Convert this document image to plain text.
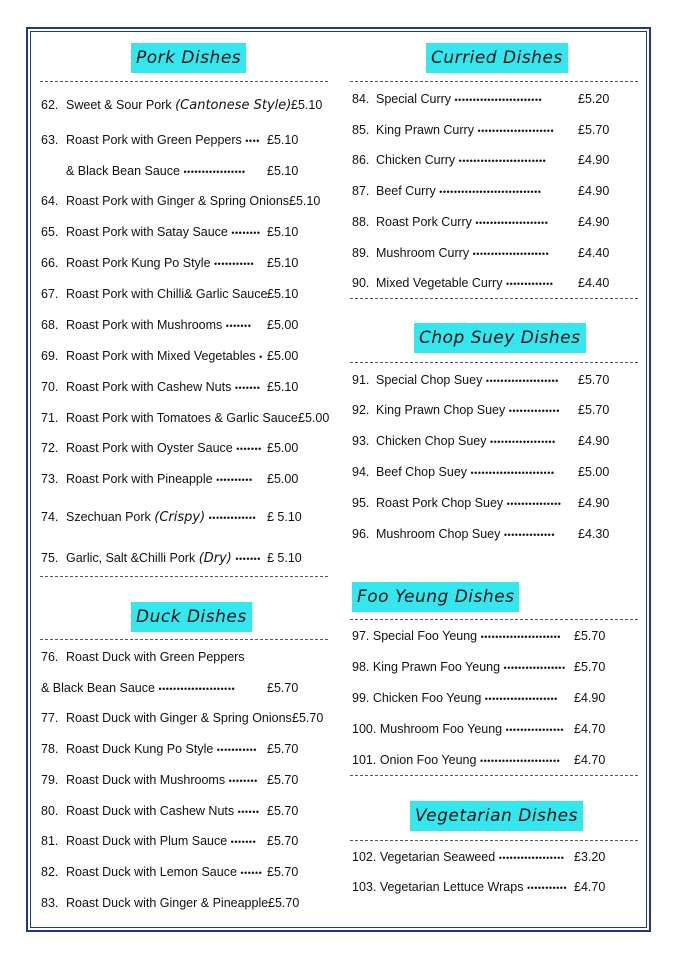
Pork Dishes
62. Sweet & Sour Pork (Cantonese Style) £5.10
63. Roast Pork with Green Peppers •••• £5.10
& Black Bean Sauce ••••••••••••••••• £5.10
64. Roast Pork with Ginger & Spring Onions £5.10
65. Roast Pork with Satay Sauce •••••••• £5.10
66. Roast Pork Kung Po Style ••••••••••• £5.10
67. Roast Pork with Chilli& Garlic Sauce £5.10
68. Roast Pork with Mushrooms ••••••• £5.00
69. Roast Pork with Mixed Vegetables • £5.00
70. Roast Pork with Cashew Nuts ••••••• £5.10
71. Roast Pork with Tomatoes & Garlic Sauce £5.00
72. Roast Pork with Oyster Sauce ••••••• £5.00
73. Roast Pork with Pineapple •••••••••• £5.00
74. Szechuan Pork (Crispy) ••••••••••••• £ 5.10
75. Garlic, Salt &Chilli Pork (Dry) ••••••• £ 5.10
Duck Dishes
76. Roast Duck with Green Peppers
& Black Bean Sauce •••••••••••••••••••••	£5.70
77. Roast Duck with Ginger & Spring Onions £5.70
78. Roast Duck Kung Po Style ••••••••••• £5.70
79. Roast Duck with Mushrooms •••••••• £5.70
80. Roast Duck with Cashew Nuts •••••• £5.70
81. Roast Duck with Plum Sauce ••••••• £5.70
82. Roast Duck with Lemon Sauce •••••• £5.70
83. Roast Duck with Ginger & Pineapple £5.70
Curried Dishes
84. Special Curry ••••••••••••••••••••••••	£5.20
85. King Prawn Curry ••••••••••••••••••••• £5.70
86. Chicken Curry ••••••••••••••••••••••••	£4.90
87. Beef Curry ••••••••••••••••••••••••••••	£4.90
88. Roast Pork Curry •••••••••••••••••••• £4.90
89. Mushroom Curry ••••••••••••••••••••• £4.40
90. Mixed Vegetable Curry ••••••••••••• £4.40
Chop Suey Dishes
91. Special Chop Suey •••••••••••••••••••• £5.70
92. King Prawn Chop Suey •••••••••••••• £5.70
93. Chicken Chop Suey •••••••••••••••••• £4.90
94. Beef Chop Suey ••••••••••••••••••••••• £5.00
95. Roast Pork Chop Suey ••••••••••••••• £4.90
96. Mushroom Chop Suey •••••••••••••• £4.30
Foo Yeung Dishes
97. Special Foo Yeung •••••••••••••••••••••• £5.70
98. King Prawn Foo Yeung ••••••••••••••••• £5.70
99. Chicken Foo Yeung •••••••••••••••••••• £4.90
100. Mushroom Foo Yeung •••••••••••••••• £4.70
101. Onion Foo Yeung •••••••••••••••••••••• £4.70
Vegetarian Dishes
102. Vegetarian Seaweed •••••••••••••••••• £3.20
103. Vegetarian Lettuce Wraps ••••••••••• £4.70
